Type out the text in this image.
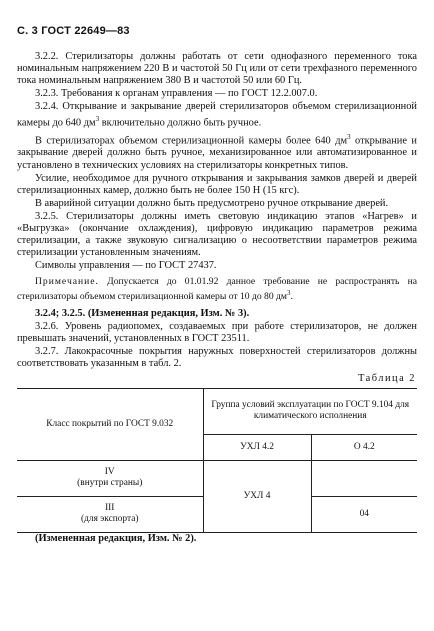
С. 3 ГОСТ 22649—83

3.2.2. Стерилизаторы должны работать от сети однофазного переменного тока номинальным напряжением 220 В и частотой 50 Гц или от сети трехфазного переменного тока номинальным напряжением 380 В и частотой 50 или 60 Гц.

3.2.3. Требования к органам управления — по ГОСТ 12.2.007.0.

3.2.4. Открывание и закрывание дверей стерилизаторов объемом стерилизационной камеры до 640 $дм^3$ включительно должно быть ручное.

В стерилизаторах объемом стерилизационной камеры более 640 $дм^3$ открывание и закрывание дверей должно быть ручное, механизированное или автоматизированное и установлено в технических условиях на стерилизаторы конкретных типов.

Усилие, необходимое для ручного открывания и закрывания замков дверей и дверей стерилизационных камер, должно быть не более 150 Н (15 кгс).

В аварийной ситуации должно быть предусмотрено ручное открывание дверей.

3.2.5. Стерилизаторы должны иметь световую индикацию этапов «Нагрев» и «Выгрузка» (окончание охлаждения), цифровую индикацию параметров режима стерилизации, а также звуковую сигнализацию о несоответствии параметров режима стерилизации установленным значениям.

Символы управления — по ГОСТ 27437.

Примечание. Допускается до 01.01.92 данное требование не распространять на стерилизаторы объемом стерилизационной камеры от 10 до 80 $дм^3$.

3.2.4; 3.2.5. (Измененная редакция, Изм. № 3).

3.2.6. Уровень радиопомех, создаваемых при работе стерилизаторов, не должен превышать значений, установленных в ГОСТ 23511.

3.2.7. Лакокрасочные покрытия наружных поверхностей стерилизаторов должны соответствовать указанным в табл. 2.

Таблица 2
Класс покрытий по ГОСТ 9.032	Группа условий эксплуатации по ГОСТ 9.104 для климатического исполнения	
	УХЛ 4.2	О 4.2
IV
(внутри страны)	УХЛ 4	
III
(для экспорта)		04

(Измененная редакция, Изм. № 2).
